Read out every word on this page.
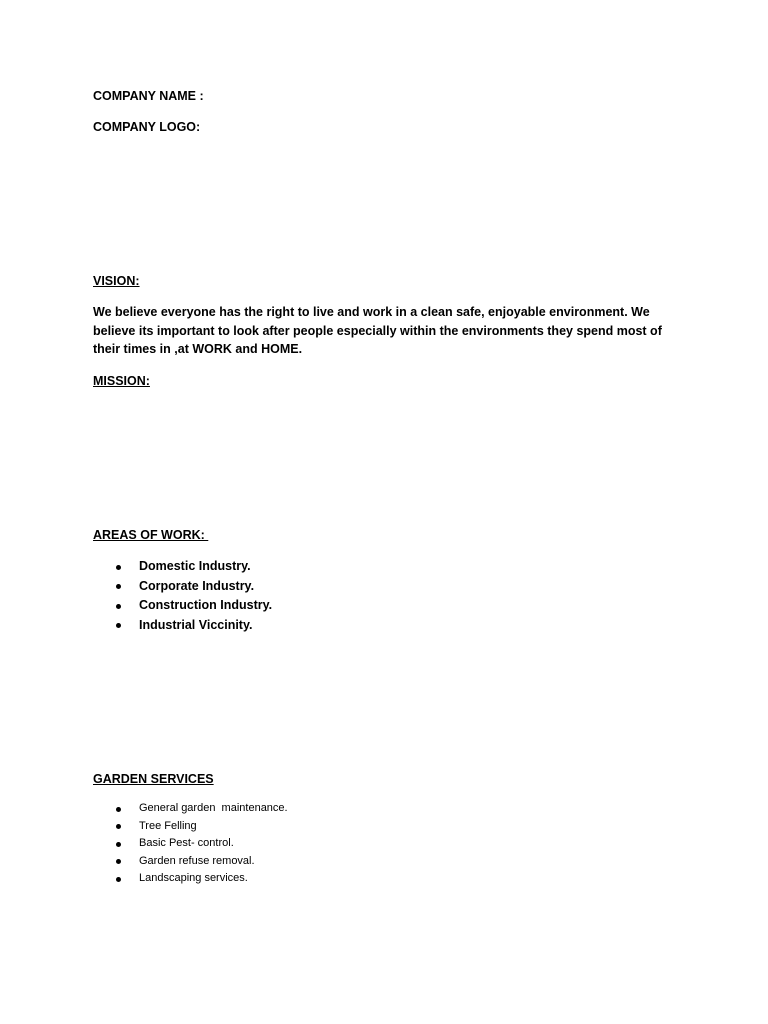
COMPANY NAME :
COMPANY LOGO:
VISION:
We believe everyone has the right to live and work in a clean safe, enjoyable environment. We believe its important to look after people especially within the environments they spend most of their times in ,at WORK and HOME.
MISSION:
AREAS OF WORK:
Domestic Industry.
Corporate Industry.
Construction Industry.
Industrial Viccinity.
GARDEN SERVICES
General garden  maintenance.
Tree Felling
Basic Pest- control.
Garden refuse removal.
Landscaping services.
